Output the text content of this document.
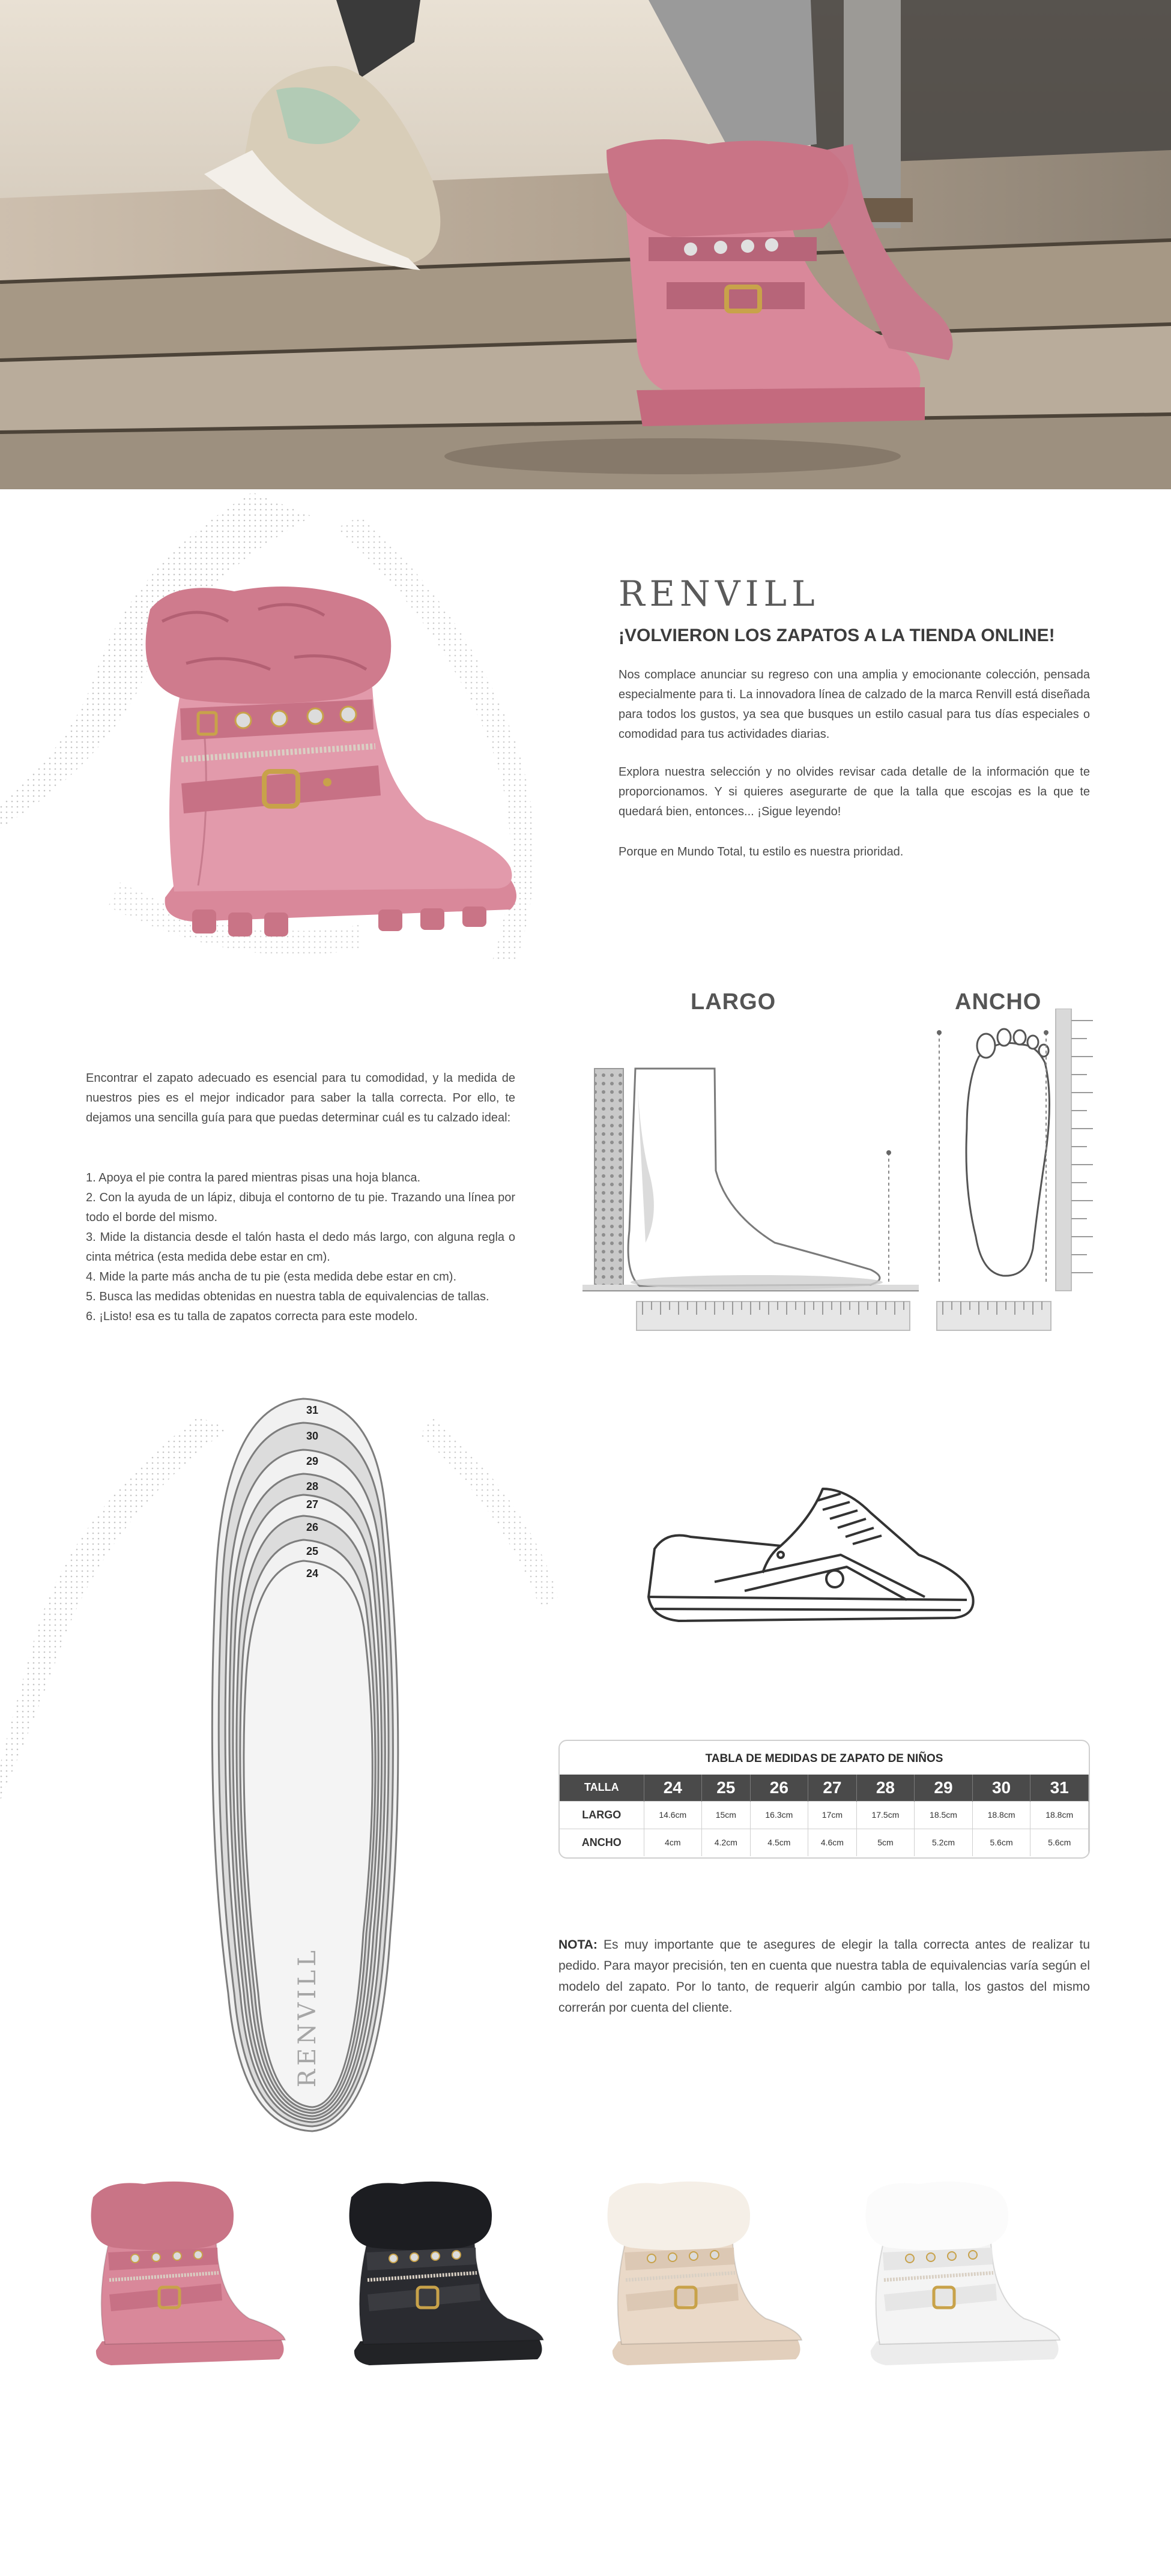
RENVILL
¡VOLVIERON LOS ZAPATOS A LA TIENDA ONLINE!

Nos complace anunciar su regreso con una amplia y emocionante colección, pensada especialmente para ti. La innovadora línea de calzado de la marca Renvill está diseñada para todos los gustos, ya sea que busques un estilo casual para tus días especiales o comodidad para tus actividades diarias.

Explora nuestra selección y no olvides revisar cada detalle de la información que te proporcionamos. Y si quieres asegurarte de que la talla que escojas es la que te quedará bien, entonces... ¡Sigue leyendo!

Porque en Mundo Total, tu estilo es nuestra prioridad.

Encontrar el zapato adecuado es esencial para tu comodidad, y la medida de nuestros pies es el mejor indicador para saber la talla correcta. Por ello, te dejamos una sencilla guía para que puedas determinar cuál es tu calzado ideal:

1. Apoya el pie contra la pared mientras pisas una hoja blanca.
2. Con la ayuda de un lápiz, dibuja el contorno de tu pie. Trazando una línea por todo el borde del mismo.
3. Mide la distancia desde el talón hasta el dedo más largo, con alguna regla o cinta métrica (esta medida debe estar en cm).
4. Mide la parte más ancha de tu pie (esta medida debe estar en cm).
5. Busca las medidas obtenidas en nuestra tabla de equivalencias de tallas.
6. ¡Listo! esa es tu talla de zapatos correcta para este modelo.
LARGO	ANCHO
31
30
29
28
27
26
25
24
RENVILL
TABLA DE MEDIDAS DE ZAPATO DE NIÑOS
TALLA	24	25	26	27	28	29	30	31
LARGO	14.6cm	15cm	16.3cm	17cm	17.5cm	18.5cm	18.8cm	18.8cm
ANCHO	4cm	4.2cm	4.5cm	4.6cm	5cm	5.2cm	5.6cm	5.6cm

NOTA: Es muy importante que te asegures de elegir la talla correcta antes de realizar tu pedido. Para mayor precisión, ten en cuenta que nuestra tabla de equivalencias varía según el modelo del zapato. Por lo tanto, de requerir algún cambio por talla, los gastos del mismo correrán por cuenta del cliente.
